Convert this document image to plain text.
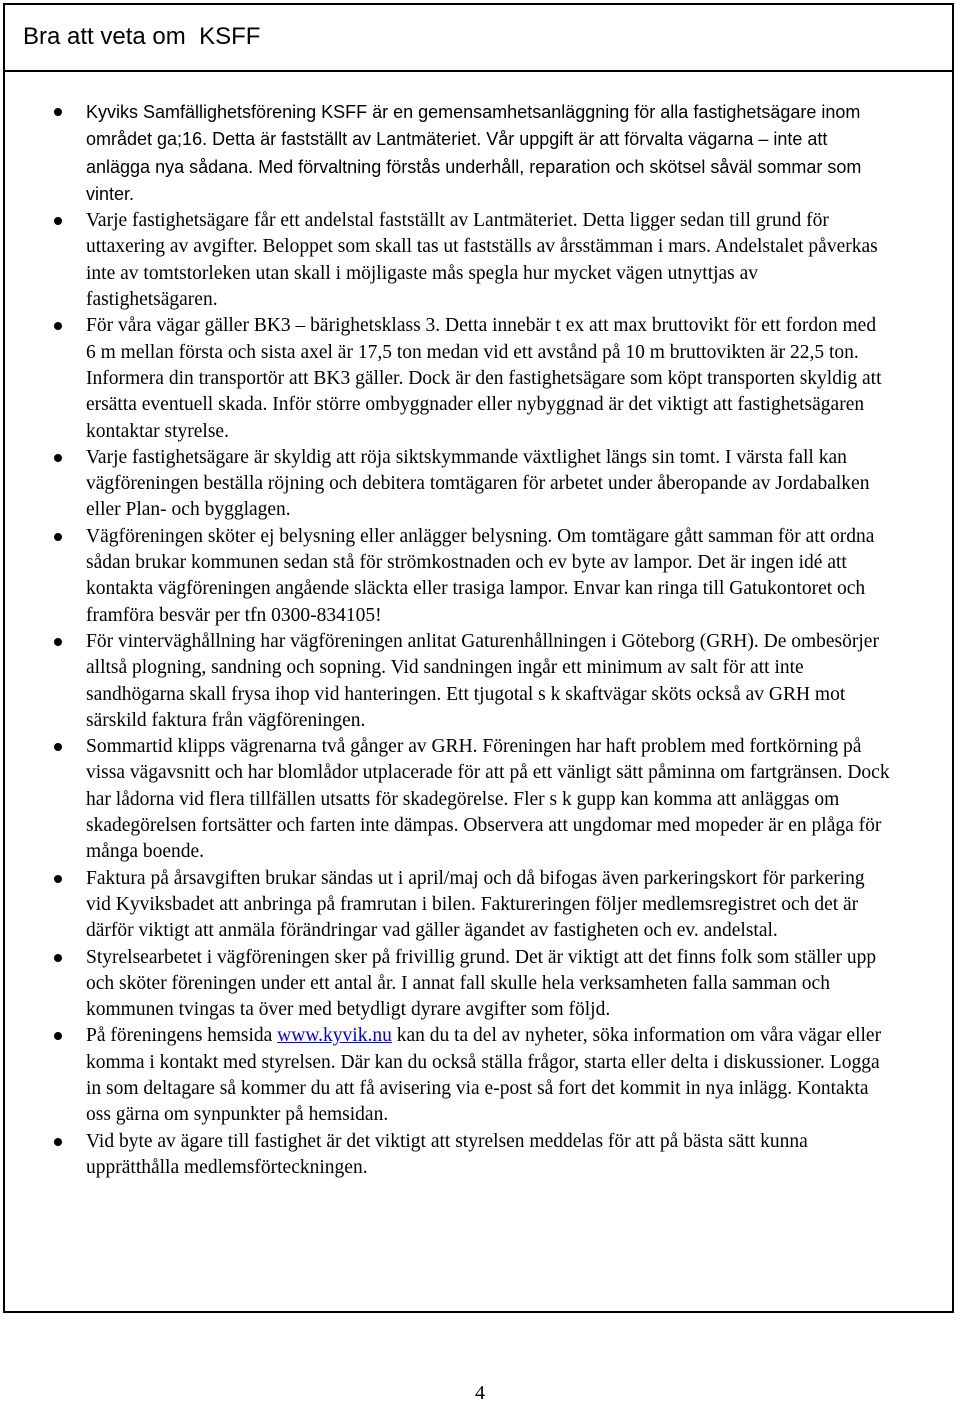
Bra att veta om  KSFF
Kyviks Samfällighetsförening KSFF är en gemensamhetsanläggning för alla fastighetsägare inom området ga;16. Detta är fastställt av Lantmäteriet. Vår uppgift är att förvalta vägarna – inte att anlägga nya sådana. Med förvaltning förstås underhåll, reparation och skötsel såväl sommar som vinter.
Varje fastighetsägare får ett andelstal fastställt av Lantmäteriet. Detta ligger sedan till grund för uttaxering av avgifter. Beloppet som skall tas ut fastställs av årsstämman i mars. Andelstalet påverkas inte av tomtstorleken utan skall i möjligaste mås spegla hur mycket vägen utnyttjas av fastighetsägaren.
För våra vägar gäller BK3 – bärighetsklass 3. Detta innebär t ex att max bruttovikt för ett fordon med 6 m mellan första och sista axel är 17,5 ton medan vid ett avstånd på 10 m bruttovikten är 22,5 ton. Informera din transportör att BK3 gäller. Dock är den fastighetsägare som köpt transporten skyldig att ersätta eventuell skada. Inför större ombyggnader eller nybyggnad är det viktigt att fastighetsägaren kontaktar styrelse.
Varje fastighetsägare är skyldig att röja siktskymmande växtlighet längs sin tomt. I värsta fall kan vägföreningen beställa röjning och debitera tomtägaren för arbetet under åberopande av Jordabalken eller Plan- och bygglagen.
Vägföreningen sköter ej belysning eller anlägger belysning. Om tomtägare gått samman för att ordna sådan brukar kommunen sedan stå för strömkostnaden och ev byte av lampor. Det är ingen idé att kontakta vägföreningen angående släckta eller trasiga lampor. Envar kan ringa till Gatukontoret och framföra besvär per tfn 0300-834105!
För vinterväghållning har vägföreningen anlitat Gaturenhållningen i Göteborg (GRH). De ombesörjer alltså plogning, sandning och sopning. Vid sandningen ingår ett minimum av salt för att inte sandhögarna skall frysa ihop vid hanteringen. Ett tjugotal s k skaftvägar sköts också av GRH mot särskild faktura från vägföreningen.
Sommartid klipps vägrenarna två gånger av GRH. Föreningen har haft problem med fortkörning på vissa vägavsnitt och har blomlådor utplacerade för att på ett vänligt sätt påminna om fartgränsen. Dock har lådorna vid flera tillfällen utsatts för skadegörelse. Fler s k gupp kan komma att anläggas om skadegörelsen fortsätter och farten inte dämpas. Observera att ungdomar med mopeder är en plåga för många boende.
Faktura på årsavgiften brukar sändas ut i april/maj och då bifogas även parkeringskort för parkering vid Kyviksbadet att anbringa på framrutan i bilen. Faktureringen följer medlemsregistret och det är därför viktigt att anmäla förändringar vad gäller ägandet av fastigheten och ev. andelstal.
Styrelsearbetet i vägföreningen sker på frivillig grund. Det är viktigt att det finns folk som ställer upp och sköter föreningen under ett antal år. I annat fall skulle hela verksamheten falla samman och kommunen tvingas ta över med betydligt dyrare avgifter som följd.
På föreningens hemsida www.kyvik.nu kan du ta del av nyheter, söka information om våra vägar eller komma i kontakt med styrelsen. Där kan du också ställa frågor, starta eller delta i diskussioner. Logga in som deltagare så kommer du att få avisering via e-post så fort det kommit in nya inlägg. Kontakta oss gärna om synpunkter på hemsidan.
Vid byte av ägare till fastighet är det viktigt att styrelsen meddelas för att på bästa sätt kunna upprätthålla medlemsförteckningen.
4
